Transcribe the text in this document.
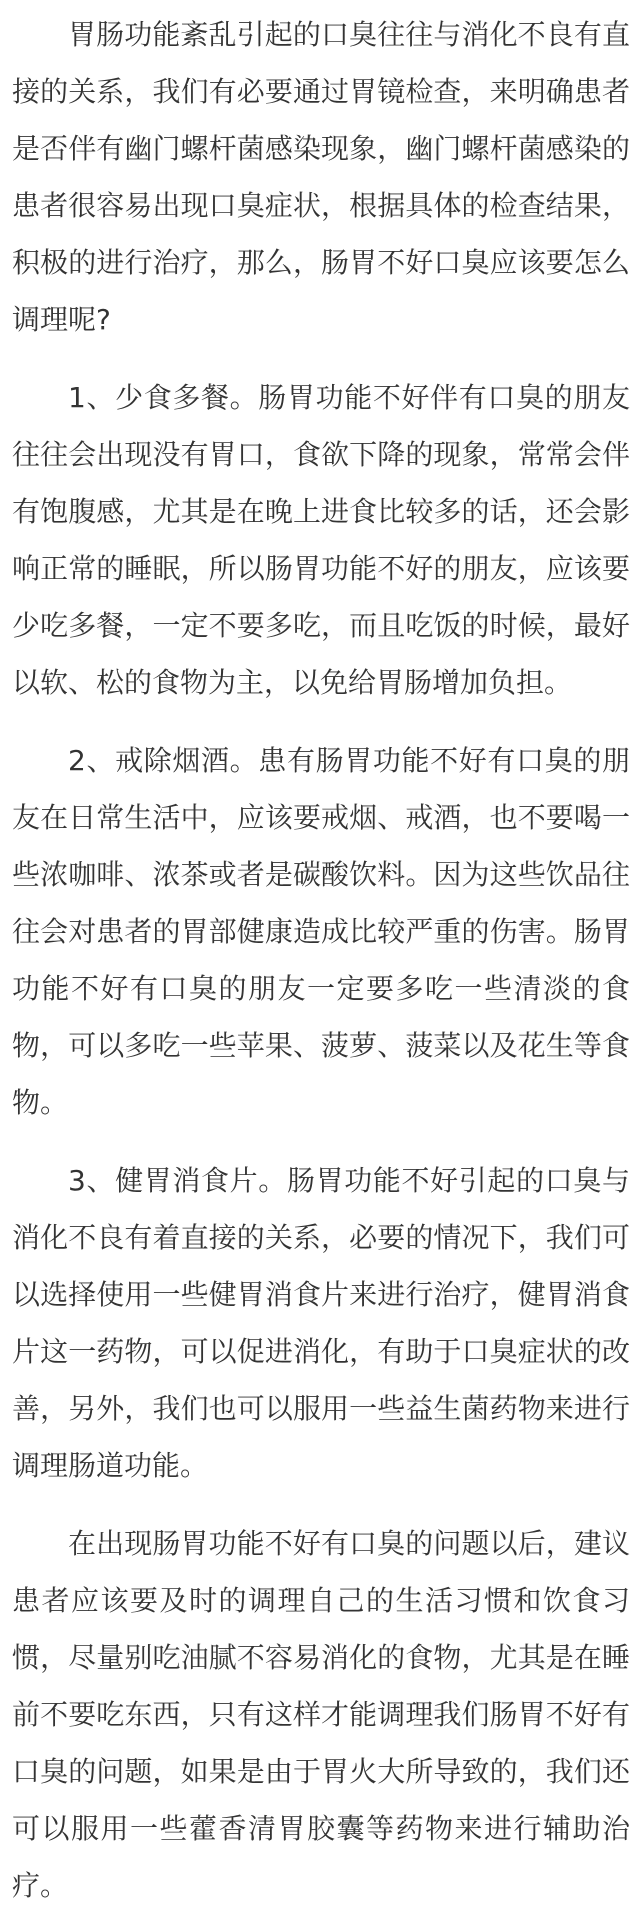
胃肠功能紊乱引起的口臭往往与消化不良有直接的关系，我们有必要通过胃镜检查，来明确患者是否伴有幽门螺杆菌感染现象，幽门螺杆菌感染的患者很容易出现口臭症状，根据具体的检查结果，积极的进行治疗，那么，肠胃不好口臭应该要怎么调理呢?

1、少食多餐。肠胃功能不好伴有口臭的朋友往往会出现没有胃口，食欲下降的现象，常常会伴有饱腹感，尤其是在晚上进食比较多的话，还会影响正常的睡眠，所以肠胃功能不好的朋友，应该要少吃多餐，一定不要多吃，而且吃饭的时候，最好以软、松的食物为主，以免给胃肠增加负担。

2、戒除烟酒。患有肠胃功能不好有口臭的朋友在日常生活中，应该要戒烟、戒酒，也不要喝一些浓咖啡、浓茶或者是碳酸饮料。因为这些饮品往往会对患者的胃部健康造成比较严重的伤害。肠胃功能不好有口臭的朋友一定要多吃一些清淡的食物，可以多吃一些苹果、菠萝、菠菜以及花生等食物。

3、健胃消食片。肠胃功能不好引起的口臭与消化不良有着直接的关系，必要的情况下，我们可以选择使用一些健胃消食片来进行治疗，健胃消食片这一药物，可以促进消化，有助于口臭症状的改善，另外，我们也可以服用一些益生菌药物来进行调理肠道功能。

在出现肠胃功能不好有口臭的问题以后，建议患者应该要及时的调理自己的生活习惯和饮食习惯，尽量别吃油腻不容易消化的食物，尤其是在睡前不要吃东西，只有这样才能调理我们肠胃不好有口臭的问题，如果是由于胃火大所导致的，我们还可以服用一些藿香清胃胶囊等药物来进行辅助治疗。
